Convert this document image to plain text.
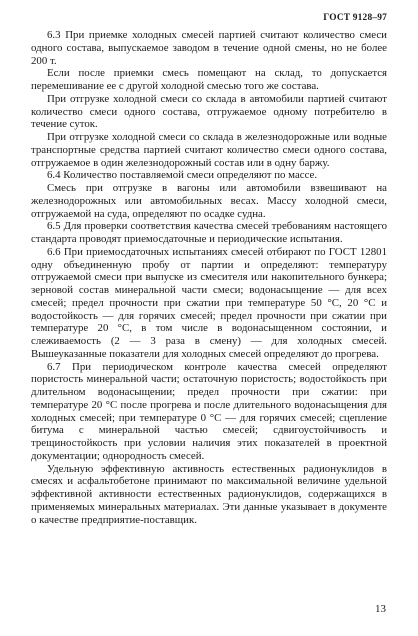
ГОСТ 9128–97

6.3 При приемке холодных смесей партией считают количество смеси одного состава, выпускаемое заводом в течение одной смены, но не более 200 т.

Если после приемки смесь помещают на склад, то допускается перемешивание ее с другой холодной смесью того же состава.

При отгрузке холодной смеси со склада в автомобили партией считают количество смеси одного состава, отгружаемое одному потребителю в течение суток.

При отгрузке холодной смеси со склада в железнодорожные или водные транспортные средства партией считают количество смеси одного состава, отгружаемое в один железнодорожный состав или в одну баржу.

6.4 Количество поставляемой смеси определяют по массе.

Смесь при отгрузке в вагоны или автомобили взвешивают на железнодорожных или автомобильных весах. Массу холодной смеси, отгружаемой на суда, определяют по осадке судна.

6.5 Для проверки соответствия качества смесей требованиям настоящего стандарта проводят приемосдаточные и периодические испытания.

6.6 При приемосдаточных испытаниях смесей отбирают по ГОСТ 12801 одну объединенную пробу от партии и определяют: температуру отгружаемой смеси при выпуске из смесителя или накопительного бункера; зерновой состав минеральной части смеси; водонасыщение — для всех смесей; предел прочности при сжатии при температуре 50 °С, 20 °С и водостойкость — для горячих смесей; предел прочности при сжатии при температуре 20 °С, в том числе в водонасыщенном состоянии, и слеживаемость (2 — 3 раза в смену) — для холодных смесей. Вышеуказанные показатели для холодных смесей определяют до прогрева.

6.7 При периодическом контроле качества смесей определяют пористость минеральной части; остаточную пористость; водостойкость при длительном водонасыщении; предел прочности при сжатии: при температуре 20 °С после прогрева и после длительного водонасыщения для холодных смесей; при температуре 0 °С — для горячих смесей; сцепление битума с минеральной частью смесей; сдвигоустойчивость и трещиностойкость при условии наличия этих показателей в проектной документации; однородность смесей.

Удельную эффективную активность естественных радионуклидов в смесях и асфальтобетоне принимают по максимальной величине удельной эффективной активности естественных радионуклидов, содержащихся в применяемых минеральных материалах. Эти данные указывает в документе о качестве предприятие-поставщик.

13
